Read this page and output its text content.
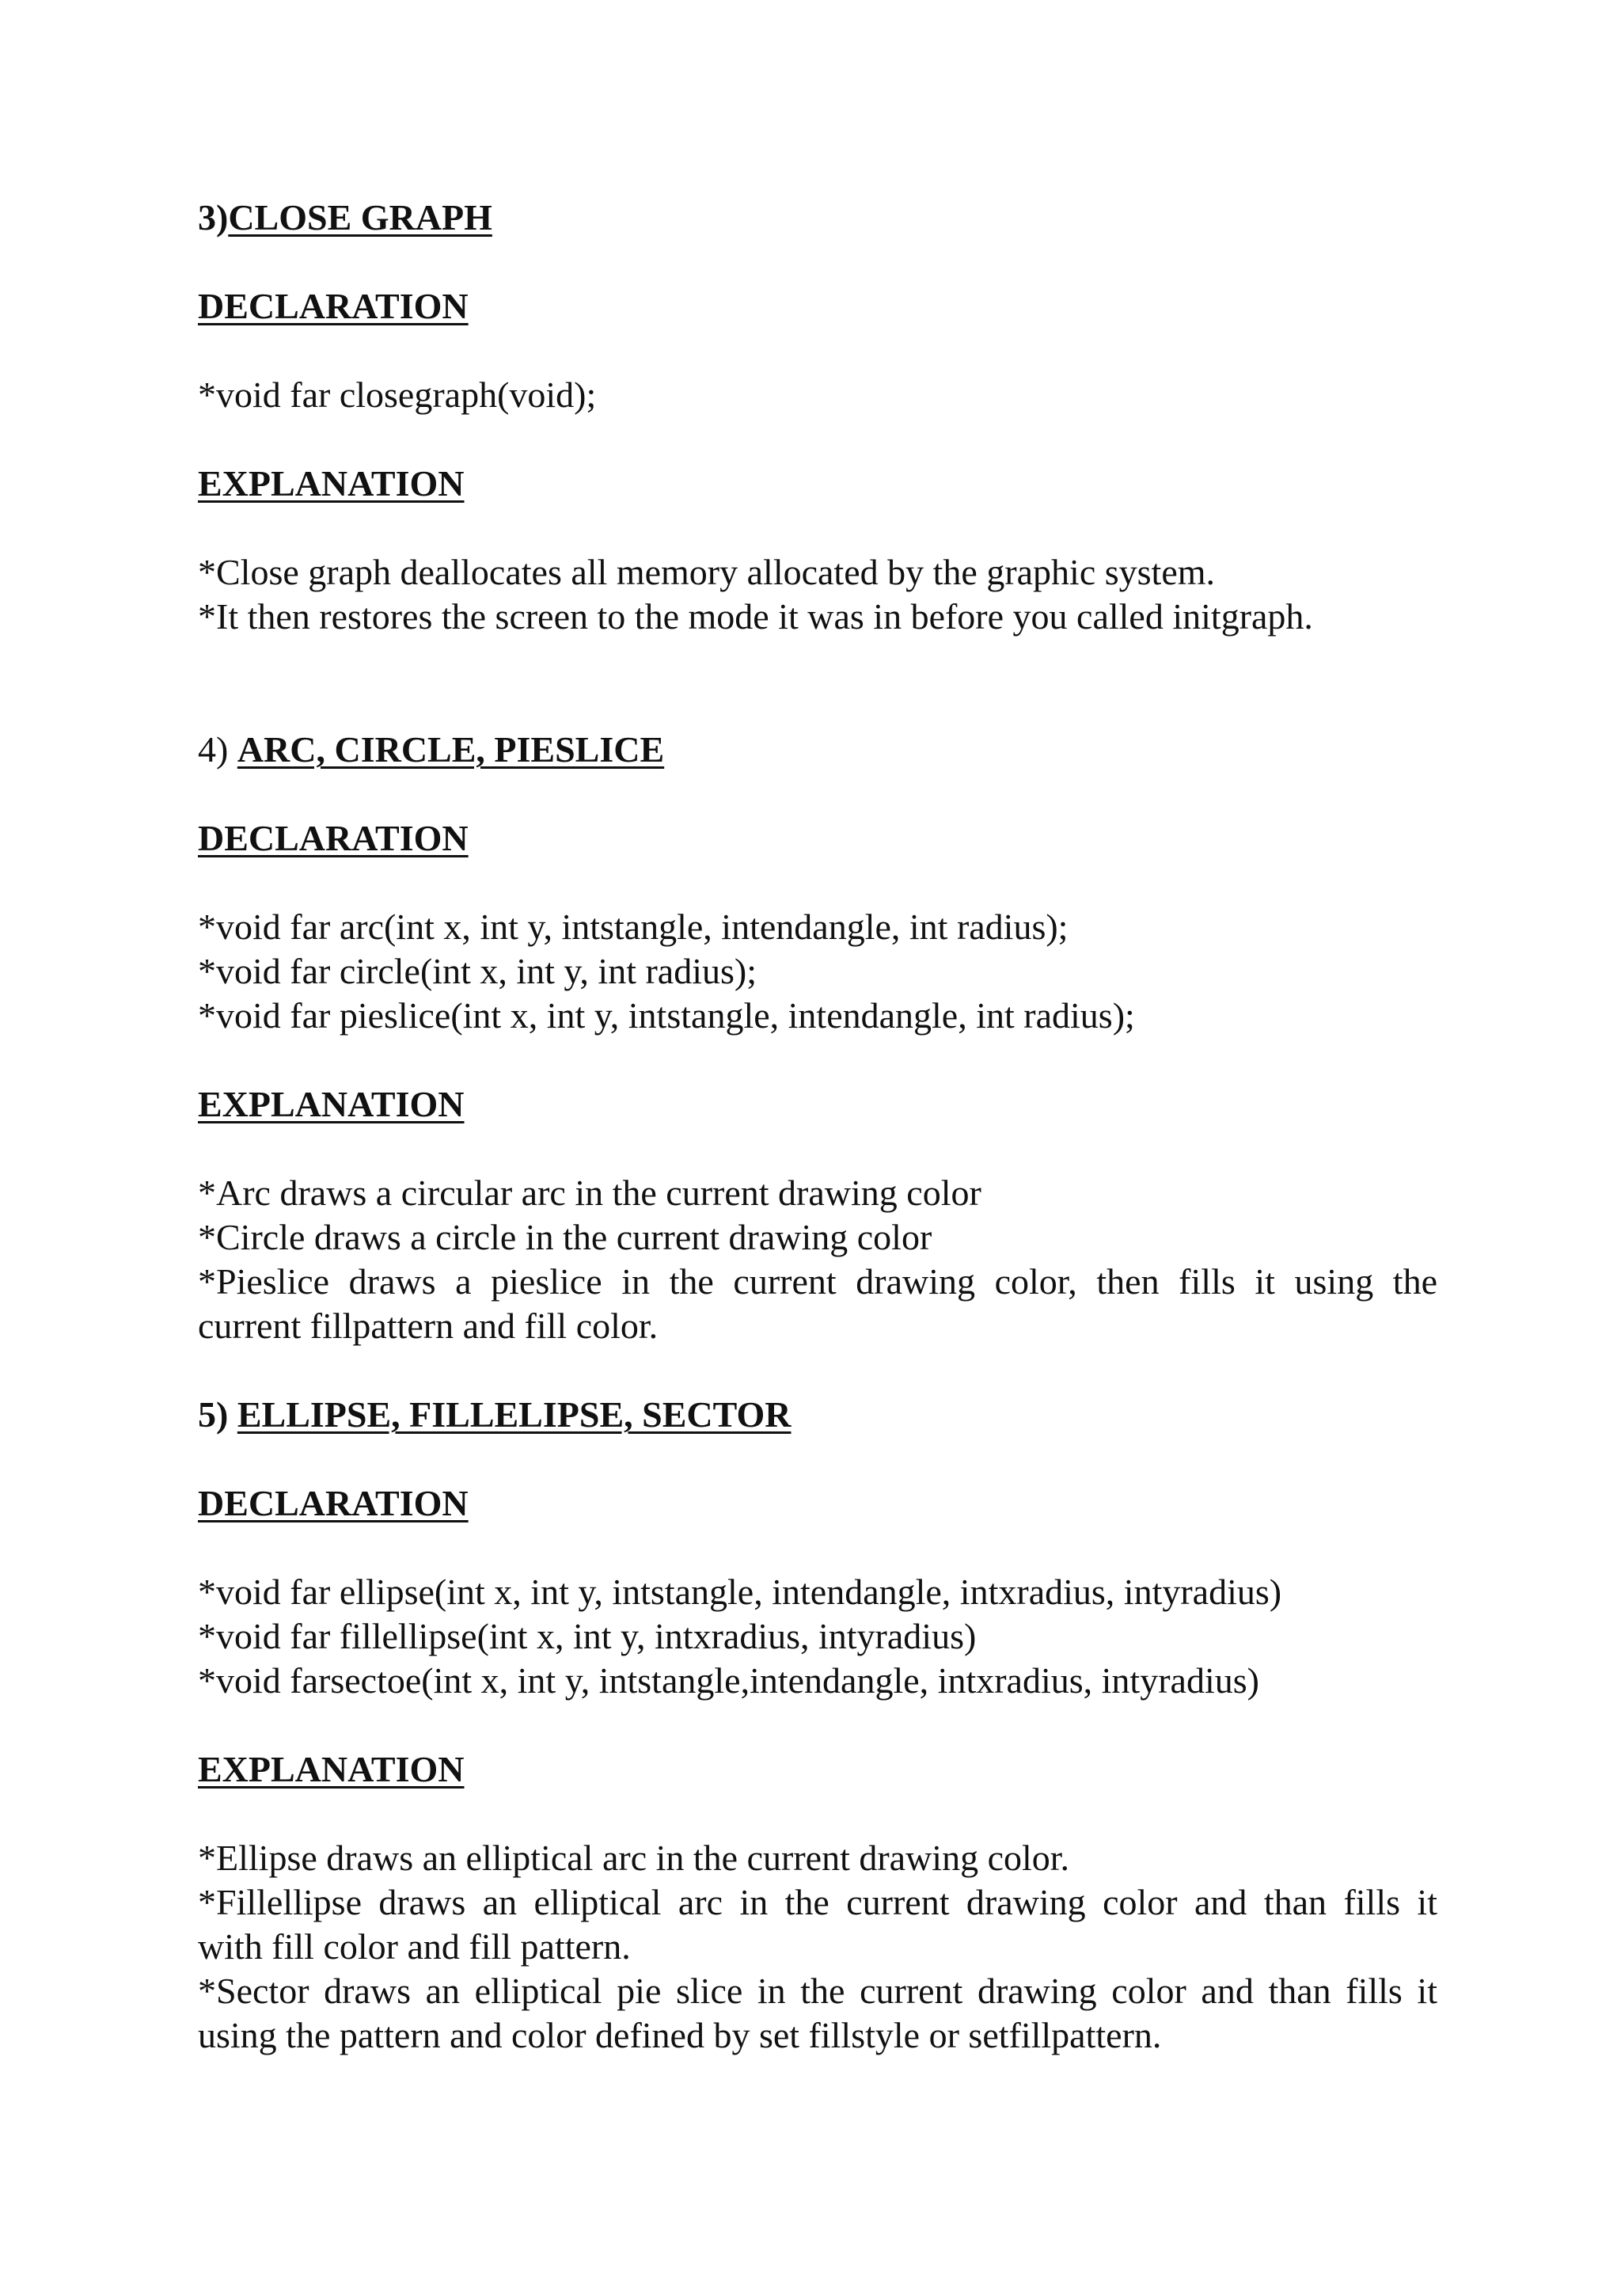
3)CLOSE GRAPH
DECLARATION
*void far closegraph(void);
EXPLANATION
*Close graph deallocates all memory allocated by the graphic system.
*It then restores the screen to the mode it was in before you called initgraph.
4) ARC, CIRCLE, PIESLICE
DECLARATION
*void far arc(int x, int y, intstangle, intendangle, int radius);
*void far circle(int x, int y, int radius);
*void far pieslice(int x, int y, intstangle, intendangle, int radius);
EXPLANATION
*Arc draws a circular arc in the current drawing color
*Circle draws a circle in the current drawing color
*Pieslice draws a pieslice in the current drawing color, then fills it using the
current fillpattern and fill color.
5) ELLIPSE, FILLELIPSE, SECTOR
DECLARATION
*void far ellipse(int x, int y, intstangle, intendangle, intxradius, intyradius)
*void far fillellipse(int x, int y, intxradius, intyradius)
*void farsectoe(int x, int y, intstangle,intendangle, intxradius, intyradius)
EXPLANATION
*Ellipse draws an elliptical arc in the current drawing color.
*Fillellipse draws an elliptical arc in the current drawing color and than fills it
with fill color and fill pattern.
*Sector draws an elliptical pie slice in the current drawing color and than fills it
using the pattern and color defined by set fillstyle or setfillpattern.
